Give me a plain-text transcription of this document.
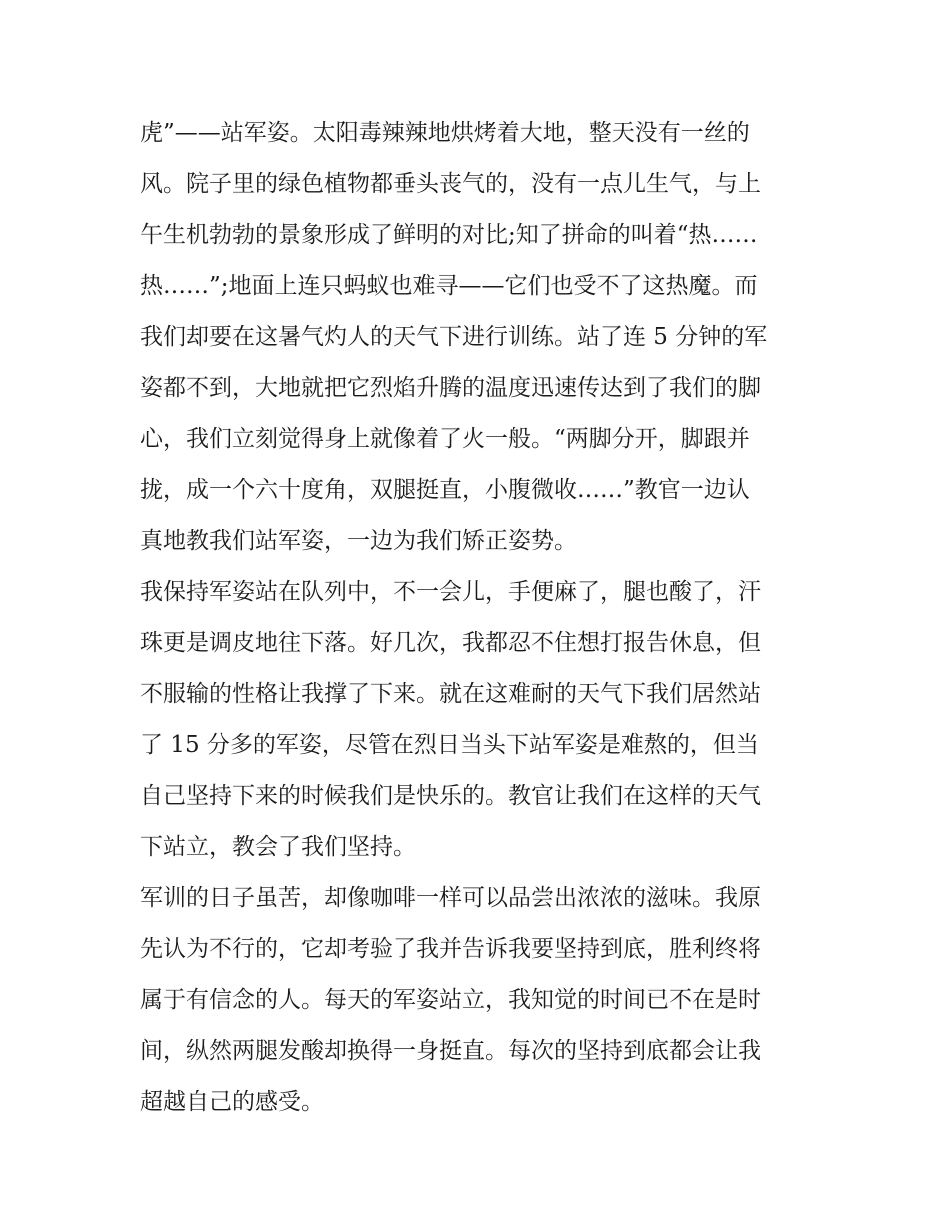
虎”——站军姿。太阳毒辣辣地烘烤着大地，整天没有一丝的
风。院子里的绿色植物都垂头丧气的，没有一点儿生气，与上
午生机勃勃的景象形成了鲜明的对比;知了拼命的叫着“热……
热……”;地面上连只蚂蚁也难寻——它们也受不了这热魔。而
我们却要在这暑气灼人的天气下进行训练。站了连 5 分钟的军
姿都不到，大地就把它烈焰升腾的温度迅速传达到了我们的脚
心，我们立刻觉得身上就像着了火一般。“两脚分开，脚跟并
拢，成一个六十度角，双腿挺直，小腹微收……”教官一边认
真地教我们站军姿，一边为我们矫正姿势。

我保持军姿站在队列中，不一会儿，手便麻了，腿也酸了，汗
珠更是调皮地往下落。好几次，我都忍不住想打报告休息，但
不服输的性格让我撑了下来。就在这难耐的天气下我们居然站
了 15 分多的军姿，尽管在烈日当头下站军姿是难熬的，但当
自己坚持下来的时候我们是快乐的。教官让我们在这样的天气
下站立，教会了我们坚持。

军训的日子虽苦，却像咖啡一样可以品尝出浓浓的滋味。我原
先认为不行的，它却考验了我并告诉我要坚持到底，胜利终将
属于有信念的人。每天的军姿站立，我知觉的时间已不在是时
间，纵然两腿发酸却换得一身挺直。每次的坚持到底都会让我
超越自己的感受。
